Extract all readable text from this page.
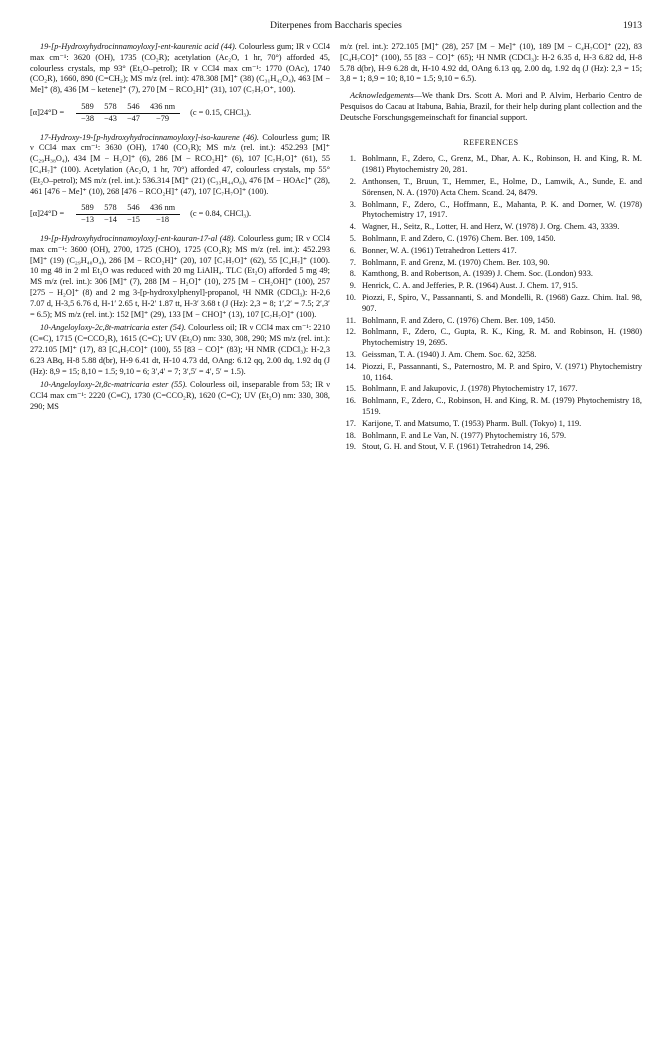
Diterpenes from Baccharis species	1913

19-[p-Hydroxyhydrocinnamoyloxy]-ent-kaurenic acid (44). Colourless gum; IR ν CCl4 max cm⁻¹: 3620 (OH), 1735 (CO₂R); acetylation (Ac₂O, 1 hr, 70°) afforded 45, colourless crystals, mp 93° (Et₂O–petrol); IR ν CCl4 max cm⁻¹: 1770 (OAc), 1740 (CO₂R), 1660, 890 (C=CH₂); MS m/z (rel. int): 478.308 [M]⁺ (38) (C₃₁H₄₂O₄), 463 [M − Me]⁺ (8), 436 [M − ketene]⁺ (7), 270 [M − RCO₂H]⁺ (31), 107 (C₇H₇O⁺, 100).

[α]24°D =
589	578	546	436 nm
−38	−43	−47	−79
(c = 0.15, CHCl₃).

17-Hydroxy-19-[p-hydroxyhydrocinnamoyloxy]-iso-kaurene (46). Colourless gum; IR ν CCl4 max cm⁻¹: 3630 (OH), 1740 (CO₂R); MS m/z (rel. int.): 452.293 [M]⁺ (C₂₉H₃₈O₄), 434 [M − H₂O]⁺ (6), 286 [M − RCO₂H]⁺ (6), 107 [C₇H₇O]⁺ (61), 55 [C₄H₇]⁺ (100). Acetylation (Ac₂O, 1 hr, 70°) afforded 47, colourless crystals, mp 55° (Et₂O–petrol); MS m/z (rel. int.): 536.314 [M]⁺ (21) (C₃₃H₄₄O₆), 476 [M − HOAc]⁺ (28), 461 [476 − Me]⁺ (10), 268 [476 − RCO₂H]⁺ (47), 107 [C₇H₇O]⁺ (100).

[α]24°D =
589	578	546	436 nm
−13	−14	−15	−18
(c = 0.84, CHCl₃).

19-[p-Hydroxyhydrocinnamoyloxy]-ent-kauran-17-al (48). Colourless gum; IR ν CCl4 max cm⁻¹: 3600 (OH), 2700, 1725 (CHO), 1725 (CO₂R); MS m/z (rel. int.): 452.293 [M]⁺ (19) (C₂₉H₄₀O₄), 286 [M − RCO₂H]⁺ (20), 107 [C₇H₇O]⁺ (62), 55 [C₄H₇]⁺ (100). 10 mg 48 in 2 ml Et₂O was reduced with 20 mg LiAlH₄. TLC (Et₂O) afforded 5 mg 49; MS m/z (rel. int.): 306 [M]⁺ (7), 288 [M − H₂O]⁺ (10), 275 [M − CH₂OH]⁺ (100), 257 [275 − H₂O]⁺ (8) and 2 mg 3-[p-hydroxylphenyl]-propanol, ¹H NMR (CDCl₃): H-2,6 7.07 d, H-3,5 6.76 d, H-1′ 2.65 t, H-2′ 1.87 tt, H-3′ 3.68 t (J (Hz): 2,3 = 8; 1′,2′ = 7.5; 2′,3′ = 6.5); MS m/z (rel. int.): 152 [M]⁺ (29), 133 [M − CHO]⁺ (13), 107 [C₇H₇O]⁺ (100).

10-Angeloyloxy-2c,8t-matricaria ester (54). Colourless oil; IR ν CCl4 max cm⁻¹: 2210 (C≡C), 1715 (C=CCO₂R), 1615 (C=C); UV (Et₂O) nm: 330, 308, 290; MS m/z (rel. int.): 272.105 [M]⁺ (17), 83 [C₄H₇CO]⁺ (100), 55 [83 − CO]⁺ (83); ¹H NMR (CDCl₃): H-2,3 6.23 ABq, H-8 5.88 d(br), H-9 6.41 dt, H-10 4.73 dd, OAng: 6.12 qq, 2.00 dq, 1.92 dq (J (Hz): 8,9 = 15; 8,10 = 1.5; 9,10 = 6; 3′,4′ = 7; 3′,5′ = 4′, 5′ = 1.5).

10-Angeloyloxy-2t,8c-matricaria ester (55). Colourless oil, inseparable from 53; IR ν CCl4 max cm⁻¹: 2220 (C≡C), 1730 (C=CCO₂R), 1620 (C=C); UV (Et₂O) nm: 330, 308, 290; MS

m/z (rel. int.): 272.105 [M]⁺ (28), 257 [M − Me]⁺ (10), 189 [M − C₄H₇CO]⁺ (22), 83 [C₄H₇CO]⁺ (100), 55 [83 − CO]⁺ (65); ¹H NMR (CDCl₃): H-2 6.35 d, H-3 6.82 dd, H-8 5.78 d(br), H-9 6.28 dt, H-10 4.92 dd, OAng 6.13 qq, 2.00 dq, 1.92 dq (J (Hz): 2,3 = 15; 3,8 = 1; 8,9 = 10; 8,10 = 1.5; 9,10 = 6.5).

Acknowledgements—We thank Drs. Scott A. Mori and P. Alvim, Herbario Centro de Pesquisos do Cacau at Itabuna, Bahia, Brazil, for their help during plant collection and the Deutsche Forschungsgemeinschaft for financial support.

REFERENCES
1. Bohlmann, F., Zdero, C., Grenz, M., Dhar, A. K., Robinson, H. and King, R. M. (1981) Phytochemistry 20, 281.
2. Anthonsen, T., Bruun, T., Hemmer, E., Holme, D., Lamwik, A., Sunde, E. and Sörensen, N. A. (1970) Acta Chem. Scand. 24, 8479.
3. Bohlmann, F., Zdero, C., Hoffmann, E., Mahanta, P. K. and Dorner, W. (1978) Phytochemistry 17, 1917.
4. Wagner, H., Seitz, R., Lotter, H. and Herz, W. (1978) J. Org. Chem. 43, 3339.
5. Bohlmann, F. and Zdero, C. (1976) Chem. Ber. 109, 1450.
6. Bonner, W. A. (1961) Tetrahedron Letters 417.
7. Bohlmann, F. and Grenz, M. (1970) Chem. Ber. 103, 90.
8. Kamthong, B. and Robertson, A. (1939) J. Chem. Soc. (London) 933.
9. Henrick, C. A. and Jefferies, P. R. (1964) Aust. J. Chem. 17, 915.
10. Piozzi, F., Spiro, V., Passannanti, S. and Mondelli, R. (1968) Gazz. Chim. Ital. 98, 907.
11. Bohlmann, F. and Zdero, C. (1976) Chem. Ber. 109, 1450.
12. Bohlmann, F., Zdero, C., Gupta, R. K., King, R. M. and Robinson, H. (1980) Phytochemistry 19, 2695.
13. Geissman, T. A. (1940) J. Am. Chem. Soc. 62, 3258.
14. Piozzi, F., Passannanti, S., Paternostro, M. P. and Spiro, V. (1971) Phytochemistry 10, 1164.
15. Bohlmann, F. and Jakupovic, J. (1978) Phytochemistry 17, 1677.
16. Bohlmann, F., Zdero, C., Robinson, H. and King, R. M. (1979) Phytochemistry 18, 1519.
17. Karijone, T. and Matsumo, T. (1953) Pharm. Bull. (Tokyo) 1, 119.
18. Bohlmann, F. and Le Van, N. (1977) Phytochemistry 16, 579.
19. Stout, G. H. and Stout, V. F. (1961) Tetrahedron 14, 296.
